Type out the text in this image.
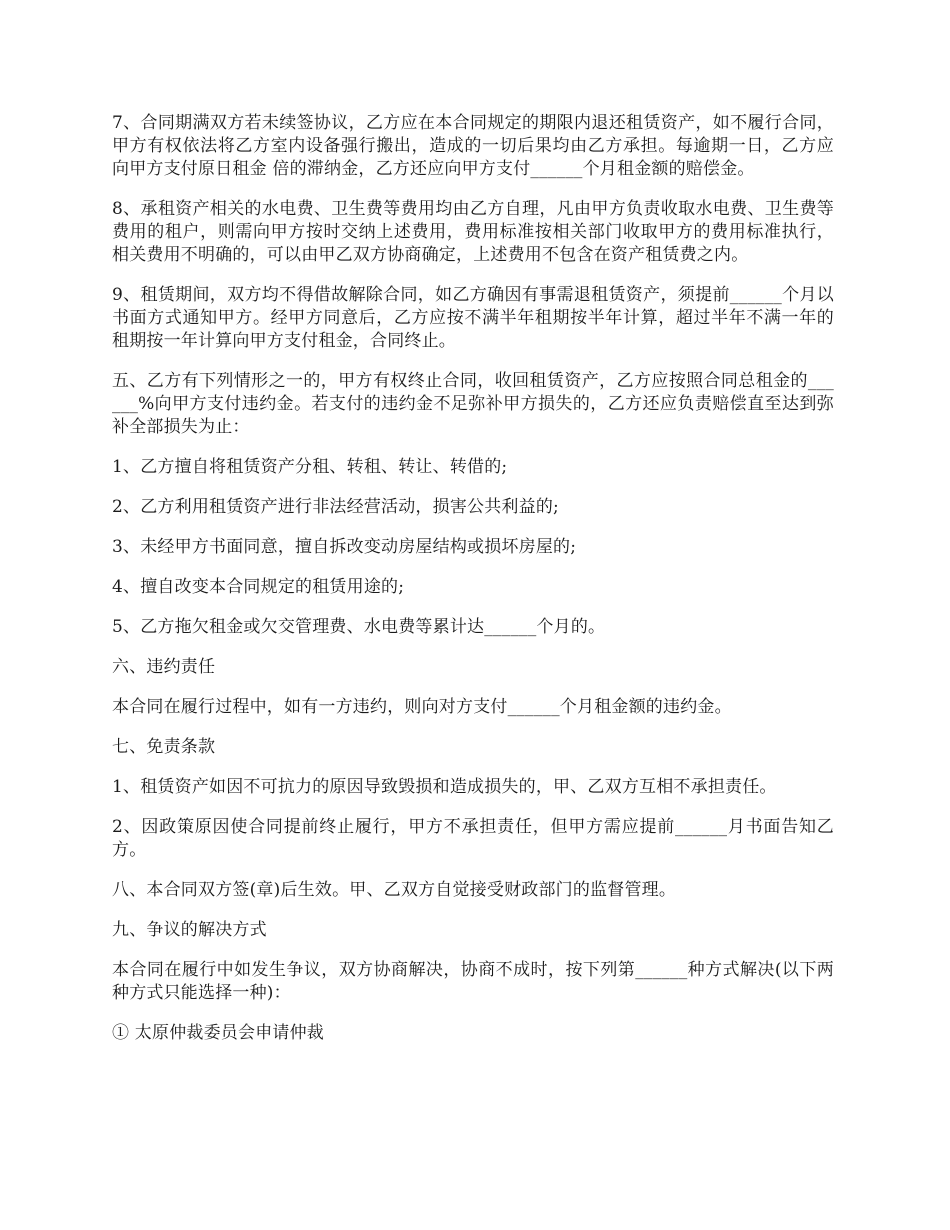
7、合同期满双方若未续签协议，乙方应在本合同规定的期限内退还租赁资产，如不履行合同，甲方有权依法将乙方室内设备强行搬出，造成的一切后果均由乙方承担。每逾期一日，乙方应向甲方支付原日租金 倍的滞纳金，乙方还应向甲方支付______个月租金额的赔偿金。

8、承租资产相关的水电费、卫生费等费用均由乙方自理，凡由甲方负责收取水电费、卫生费等费用的租户，则需向甲方按时交纳上述费用，费用标准按相关部门收取甲方的费用标准执行，相关费用不明确的，可以由甲乙双方协商确定，上述费用不包含在资产租赁费之内。

9、租赁期间，双方均不得借故解除合同，如乙方确因有事需退租赁资产，须提前______个月以书面方式通知甲方。经甲方同意后，乙方应按不满半年租期按半年计算，超过半年不满一年的租期按一年计算向甲方支付租金，合同终止。

五、乙方有下列情形之一的，甲方有权终止合同，收回租赁资产，乙方应按照合同总租金的______%向甲方支付违约金。若支付的违约金不足弥补甲方损失的，乙方还应负责赔偿直至达到弥补全部损失为止：

1、乙方擅自将租赁资产分租、转租、转让、转借的;

2、乙方利用租赁资产进行非法经营活动，损害公共利益的;

3、未经甲方书面同意，擅自拆改变动房屋结构或损坏房屋的;

4、擅自改变本合同规定的租赁用途的;

5、乙方拖欠租金或欠交管理费、水电费等累计达______个月的。

六、违约责任

本合同在履行过程中，如有一方违约，则向对方支付______个月租金额的违约金。

七、免责条款

1、租赁资产如因不可抗力的原因导致毁损和造成损失的，甲、乙双方互相不承担责任。

2、因政策原因使合同提前终止履行，甲方不承担责任，但甲方需应提前______月书面告知乙方。

八、本合同双方签(章)后生效。甲、乙双方自觉接受财政部门的监督管理。

九、争议的解决方式

本合同在履行中如发生争议，双方协商解决，协商不成时，按下列第______种方式解决(以下两种方式只能选择一种)：

① 太原仲裁委员会申请仲裁
